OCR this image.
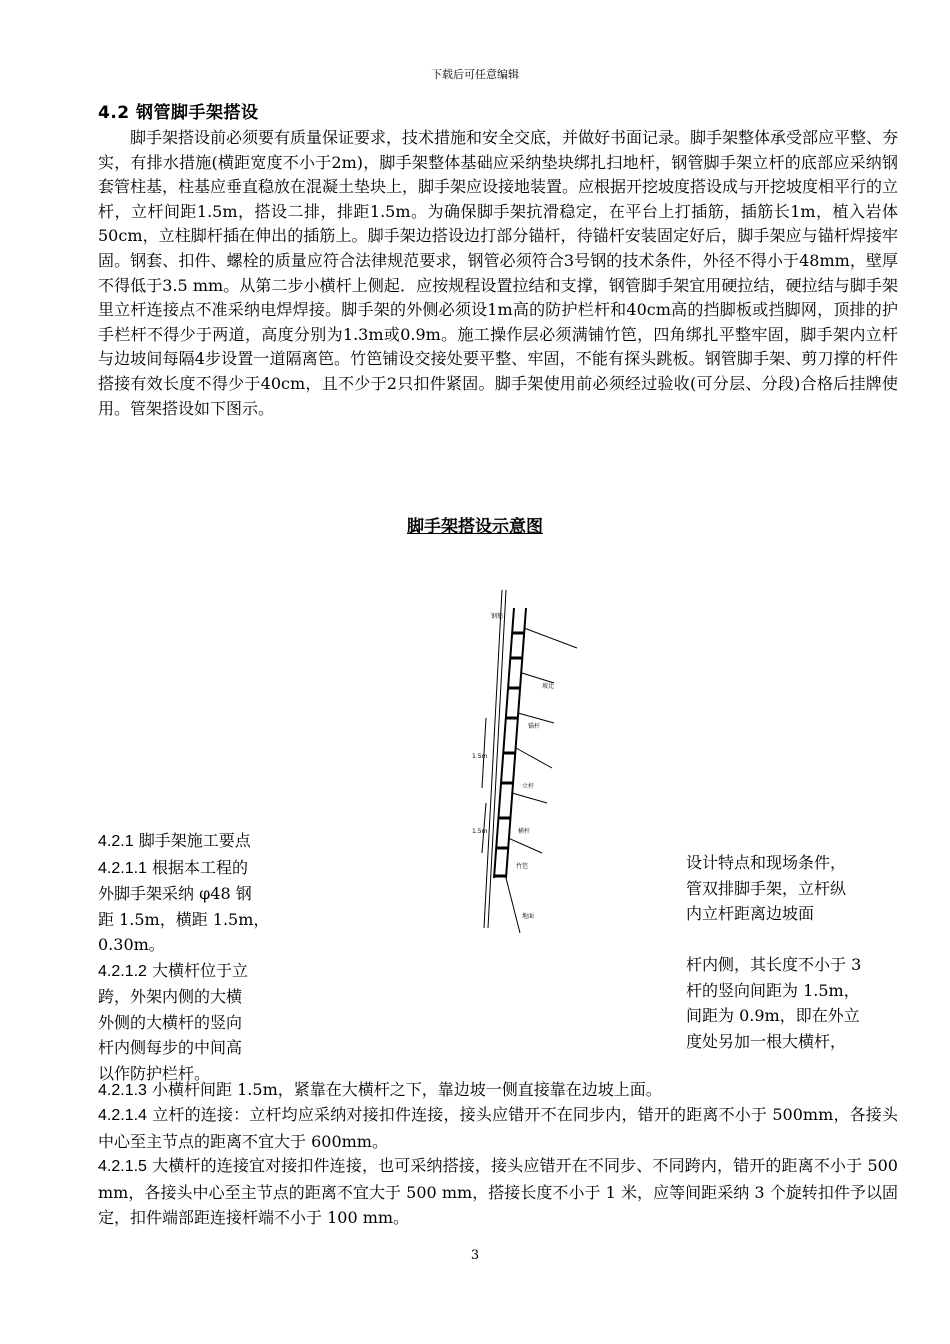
下载后可任意编辑
4.2 钢管脚手架搭设

脚手架搭设前必须要有质量保证要求，技术措施和安全交底，并做好书面记录。脚手架整体承受部应平整、夯实，有排水措施(横距宽度不小于2m)，脚手架整体基础应采纳垫块绑扎扫地杆，钢管脚手架立杆的底部应采纳钢套管柱基，柱基应垂直稳放在混凝土垫块上，脚手架应设接地装置。应根据开挖坡度搭设成与开挖坡度相平行的立杆，立杆间距1.5m，搭设二排，排距1.5m。为确保脚手架抗滑稳定，在平台上打插筋，插筋长1m，植入岩体50cm，立柱脚杆插在伸出的插筋上。脚手架边搭设边打部分锚杆，待锚杆安装固定好后，脚手架应与锚杆焊接牢固。钢套、扣件、螺栓的质量应符合法律规范要求，钢管必须符合3号钢的技术条件，外径不得小于48mm，壁厚不得低于3.5 mm。从第二步小横杆上侧起．应按规程设置拉结和支撑，钢管脚手架宜用硬拉结，硬拉结与脚手架里立杆连接点不准采纳电焊焊接。脚手架的外侧必须设1m高的防护栏杆和40cm高的挡脚板或挡脚网，顶排的护手栏杆不得少于两道，高度分别为1.3m或0.9m。施工操作层必须满铺竹笆，四角绑扎平整牢固，脚手架内立杆与边坡间每隔4步设置一道隔离笆。竹笆铺设交接处要平整、牢固，不能有探头跳板。钢管脚手架、剪刀撑的杆件搭接有效长度不得少于40cm，且不少于2只扣件紧固。脚手架使用前必须经过验收(可分层、分段)合格后挂牌使用。管架搭设如下图示。

脚手架搭设示意图
钢筋
坡比
1.5m
1.5m
锚杆
立杆
横杆
竹笆
地面
4.2.1 脚手架施工要点
4.2.1.1 根据本工程的
外脚手架采纳 φ48 钢
距 1.5m，横距 1.5m，
0.30m。
4.2.1.2 大横杆位于立
跨，外架内侧的大横
外侧的大横杆的竖向
杆内侧每步的中间高
以作防护栏杆。
设计特点和现场条件，
管双排脚手架，立杆纵
内立杆距离边坡面

杆内侧，其长度不小于 3
杆的竖向间距为 1.5m，
间距为 0.9m，即在外立
度处另加一根大横杆，

4.2.1.3 小横杆间距 1.5m，紧靠在大横杆之下，靠边坡一侧直接靠在边坡上面。

4.2.1.4 立杆的连接：立杆均应采纳对接扣件连接，接头应错开不在同步内，错开的距离不小于 500mm，各接头中心至主节点的距离不宜大于 600mm。

4.2.1.5 大横杆的连接宜对接扣件连接，也可采纳搭接，接头应错开在不同步、不同跨内，错开的距离不小于 500 mm，各接头中心至主节点的距离不宜大于 500 mm，搭接长度不小于 1 米，应等间距采纳 3 个旋转扣件予以固定，扣件端部距连接杆端不小于 100 mm。

3
